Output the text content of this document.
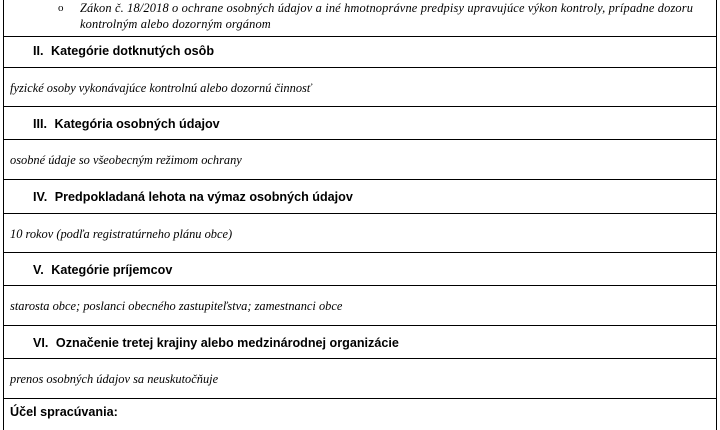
o Zákon č. 18/2018 o ochrane osobných údajov a iné hmotnoprávne predpisy upravujúce výkon kontroly, prípadne dozoru
kontrolným alebo dozorným orgánom
II. Kategórie dotknutých osôb
fyzické osoby vykonávajúce kontrolnú alebo dozornú činnosť
III. Kategória osobných údajov
osobné údaje so všeobecným režimom ochrany
IV. Predpokladaná lehota na výmaz osobných údajov
10 rokov (podľa registratúrneho plánu obce)
V. Kategórie príjemcov
starosta obce; poslanci obecného zastupiteľstva; zamestnanci obce
VI. Označenie tretej krajiny alebo medzinárodnej organizácie
prenos osobných údajov sa neuskutočňuje
Účel spracúvania:
